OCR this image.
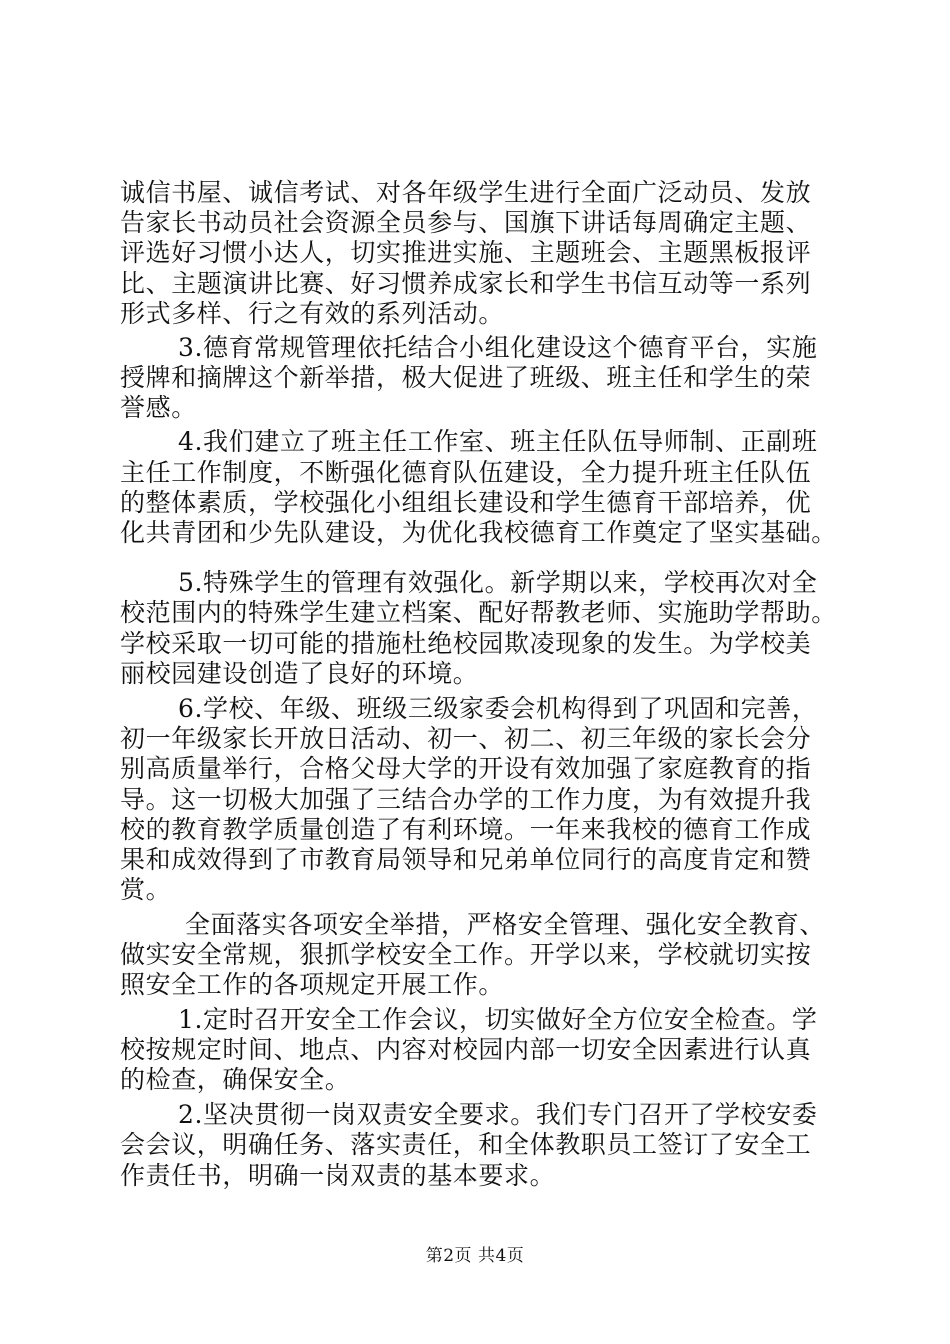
诚信书屋、诚信考试、对各年级学生进行全面广泛动员、发放
告家长书动员社会资源全员参与、国旗下讲话每周确定主题、
评选好习惯小达人，切实推进实施、主题班会、主题黑板报评
比、主题演讲比赛、好习惯养成家长和学生书信互动等一系列
形式多样、行之有效的系列活动。
3.德育常规管理依托结合小组化建设这个德育平台，实施
授牌和摘牌这个新举措，极大促进了班级、班主任和学生的荣
誉感。
4.我们建立了班主任工作室、班主任队伍导师制、正副班
主任工作制度，不断强化德育队伍建设，全力提升班主任队伍
的整体素质，学校强化小组组长建设和学生德育干部培养，优
化共青团和少先队建设，为优化我校德育工作奠定了坚实基础。
5.特殊学生的管理有效强化。新学期以来，学校再次对全
校范围内的特殊学生建立档案、配好帮教老师、实施助学帮助。
学校采取一切可能的措施杜绝校园欺凌现象的发生。为学校美
丽校园建设创造了良好的环境。
6.学校、年级、班级三级家委会机构得到了巩固和完善，
初一年级家长开放日活动、初一、初二、初三年级的家长会分
别高质量举行，合格父母大学的开设有效加强了家庭教育的指
导。这一切极大加强了三结合办学的工作力度，为有效提升我
校的教育教学质量创造了有利环境。一年来我校的德育工作成
果和成效得到了市教育局领导和兄弟单位同行的高度肯定和赞
赏。
全面落实各项安全举措，严格安全管理、强化安全教育、
做实安全常规，狠抓学校安全工作。开学以来，学校就切实按
照安全工作的各项规定开展工作。
1.定时召开安全工作会议，切实做好全方位安全检查。学
校按规定时间、地点、内容对校园内部一切安全因素进行认真
的检查，确保安全。
2.坚决贯彻一岗双责安全要求。我们专门召开了学校安委
会会议，明确任务、落实责任，和全体教职员工签订了安全工
作责任书，明确一岗双责的基本要求。
第2页 共4页
